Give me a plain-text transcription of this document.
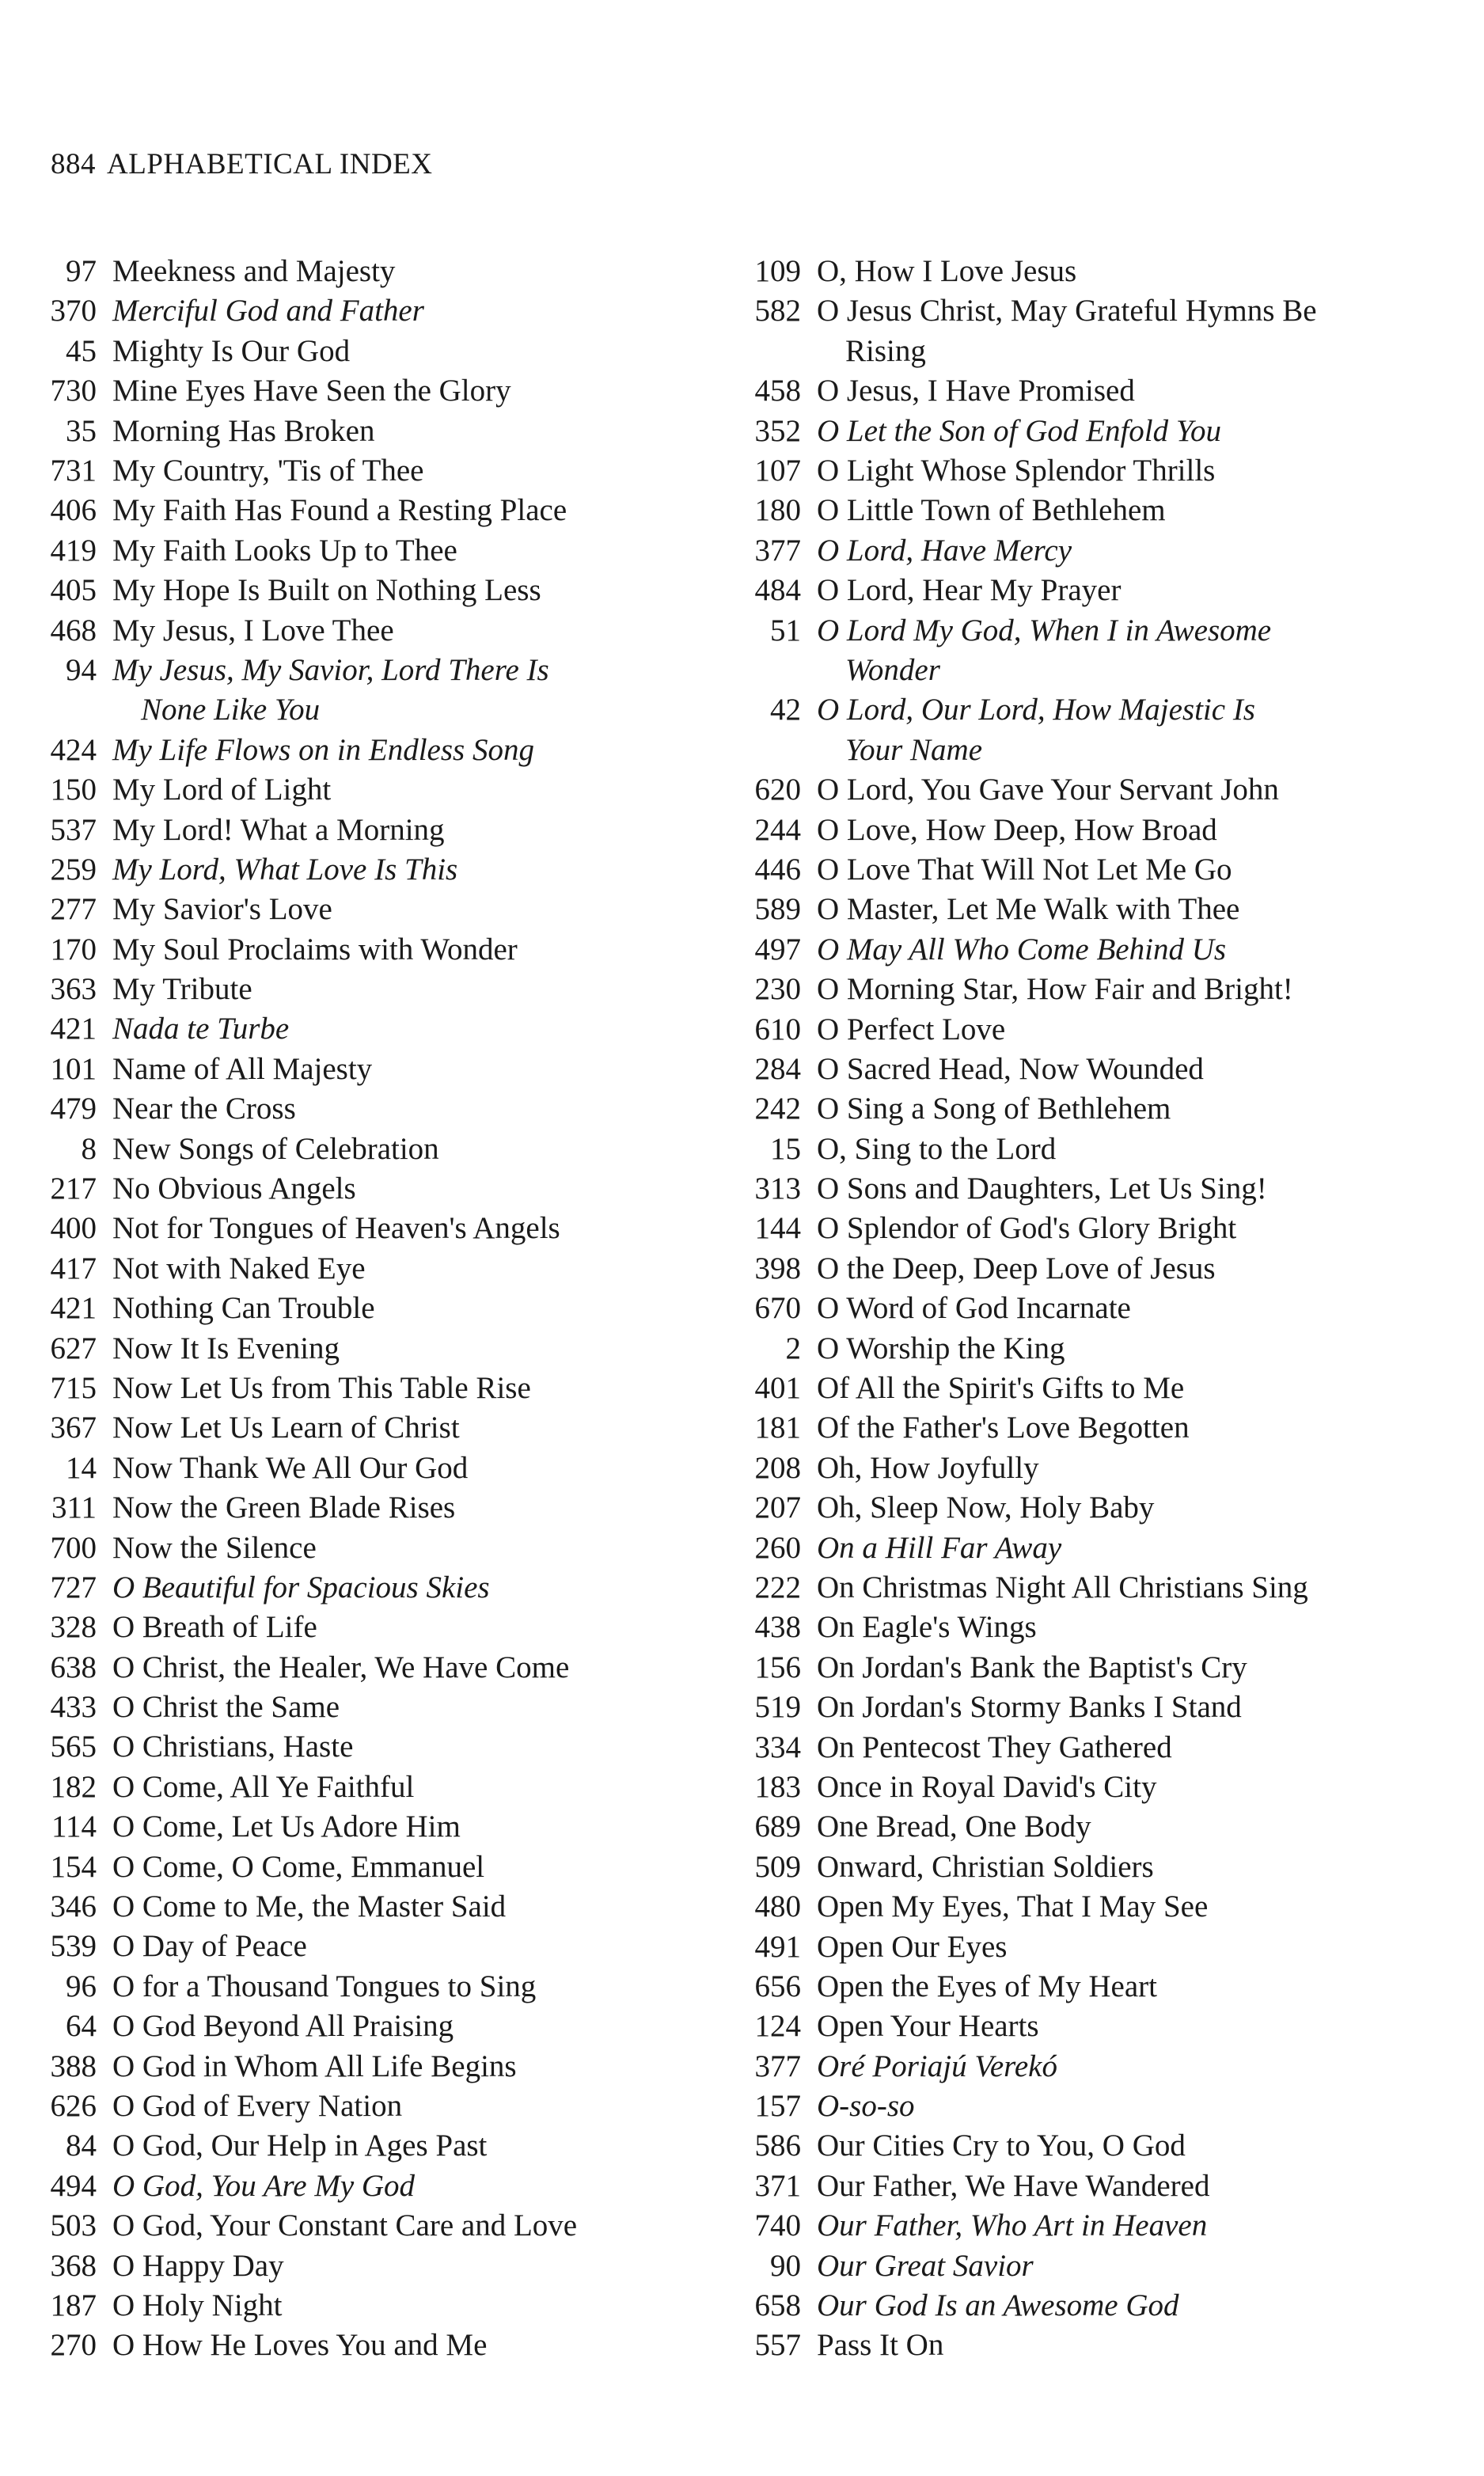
884 ALPHABETICAL INDEX
97 Meekness and Majesty
370 Merciful God and Father
45 Mighty Is Our God
730 Mine Eyes Have Seen the Glory
35 Morning Has Broken
731 My Country, 'Tis of Thee
406 My Faith Has Found a Resting Place
419 My Faith Looks Up to Thee
405 My Hope Is Built on Nothing Less
468 My Jesus, I Love Thee
94 My Jesus, My Savior, Lord There Is
None Like You
424 My Life Flows on in Endless Song
150 My Lord of Light
537 My Lord! What a Morning
259 My Lord, What Love Is This
277 My Savior's Love
170 My Soul Proclaims with Wonder
363 My Tribute
421 Nada te Turbe
101 Name of All Majesty
479 Near the Cross
8 New Songs of Celebration
217 No Obvious Angels
400 Not for Tongues of Heaven's Angels
417 Not with Naked Eye
421 Nothing Can Trouble
627 Now It Is Evening
715 Now Let Us from This Table Rise
367 Now Let Us Learn of Christ
14 Now Thank We All Our God
311 Now the Green Blade Rises
700 Now the Silence
727 O Beautiful for Spacious Skies
328 O Breath of Life
638 O Christ, the Healer, We Have Come
433 O Christ the Same
565 O Christians, Haste
182 O Come, All Ye Faithful
114 O Come, Let Us Adore Him
154 O Come, O Come, Emmanuel
346 O Come to Me, the Master Said
539 O Day of Peace
96 O for a Thousand Tongues to Sing
64 O God Beyond All Praising
388 O God in Whom All Life Begins
626 O God of Every Nation
84 O God, Our Help in Ages Past
494 O God, You Are My God
503 O God, Your Constant Care and Love
368 O Happy Day
187 O Holy Night
270 O How He Loves You and Me
109 O, How I Love Jesus
582 O Jesus Christ, May Grateful Hymns Be
Rising
458 O Jesus, I Have Promised
352 O Let the Son of God Enfold You
107 O Light Whose Splendor Thrills
180 O Little Town of Bethlehem
377 O Lord, Have Mercy
484 O Lord, Hear My Prayer
51 O Lord My God, When I in Awesome
Wonder
42 O Lord, Our Lord, How Majestic Is
Your Name
620 O Lord, You Gave Your Servant John
244 O Love, How Deep, How Broad
446 O Love That Will Not Let Me Go
589 O Master, Let Me Walk with Thee
497 O May All Who Come Behind Us
230 O Morning Star, How Fair and Bright!
610 O Perfect Love
284 O Sacred Head, Now Wounded
242 O Sing a Song of Bethlehem
15 O, Sing to the Lord
313 O Sons and Daughters, Let Us Sing!
144 O Splendor of God's Glory Bright
398 O the Deep, Deep Love of Jesus
670 O Word of God Incarnate
2 O Worship the King
401 Of All the Spirit's Gifts to Me
181 Of the Father's Love Begotten
208 Oh, How Joyfully
207 Oh, Sleep Now, Holy Baby
260 On a Hill Far Away
222 On Christmas Night All Christians Sing
438 On Eagle's Wings
156 On Jordan's Bank the Baptist's Cry
519 On Jordan's Stormy Banks I Stand
334 On Pentecost They Gathered
183 Once in Royal David's City
689 One Bread, One Body
509 Onward, Christian Soldiers
480 Open My Eyes, That I May See
491 Open Our Eyes
656 Open the Eyes of My Heart
124 Open Your Hearts
377 Oré Poriajú Verekó
157 O-so-so
586 Our Cities Cry to You, O God
371 Our Father, We Have Wandered
740 Our Father, Who Art in Heaven
90 Our Great Savior
658 Our God Is an Awesome God
557 Pass It On
